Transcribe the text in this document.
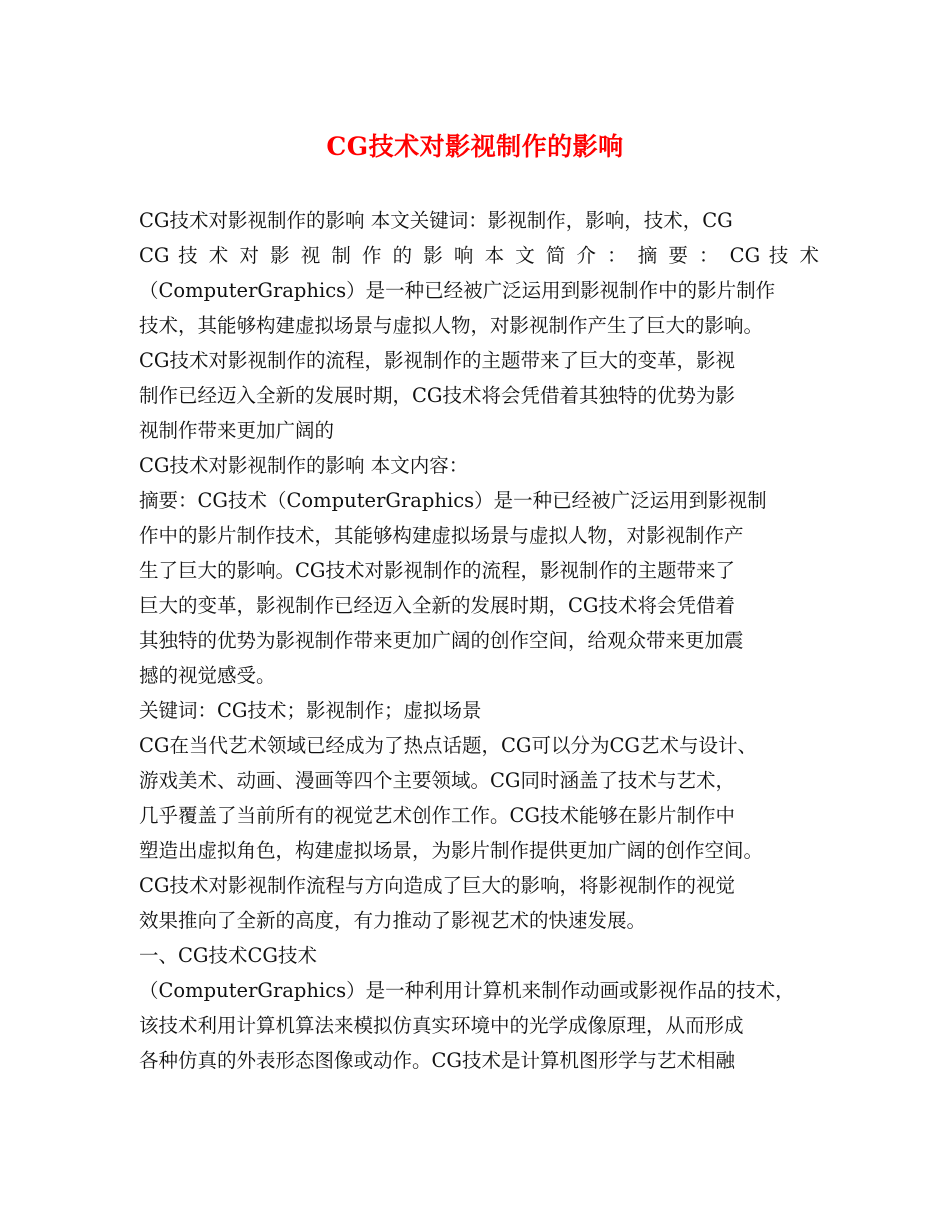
CG技术对影视制作的影响
CG技术对影视制作的影响 本文关键词：影视制作，影响，技术，CG
CG 技 术 对 影 视 制 作 的 影 响 本 文 简 介 ： 摘 要 ： CG 技 术
（ComputerGraphics）是一种已经被广泛运用到影视制作中的影片制作
技术，其能够构建虚拟场景与虚拟人物，对影视制作产生了巨大的影响。
CG技术对影视制作的流程，影视制作的主题带来了巨大的变革，影视
制作已经迈入全新的发展时期，CG技术将会凭借着其独特的优势为影
视制作带来更加广阔的
CG技术对影视制作的影响 本文内容：
摘要：CG技术（ComputerGraphics）是一种已经被广泛运用到影视制
作中的影片制作技术，其能够构建虚拟场景与虚拟人物，对影视制作产
生了巨大的影响。CG技术对影视制作的流程，影视制作的主题带来了
巨大的变革，影视制作已经迈入全新的发展时期，CG技术将会凭借着
其独特的优势为影视制作带来更加广阔的创作空间，给观众带来更加震
撼的视觉感受。
关键词：CG技术；影视制作；虚拟场景
CG在当代艺术领域已经成为了热点话题，CG可以分为CG艺术与设计、
游戏美术、动画、漫画等四个主要领域。CG同时涵盖了技术与艺术，
几乎覆盖了当前所有的视觉艺术创作工作。CG技术能够在影片制作中
塑造出虚拟角色，构建虚拟场景，为影片制作提供更加广阔的创作空间。
CG技术对影视制作流程与方向造成了巨大的影响，将影视制作的视觉
效果推向了全新的高度，有力推动了影视艺术的快速发展。
一、CG技术CG技术
（ComputerGraphics）是一种利用计算机来制作动画或影视作品的技术，
该技术利用计算机算法来模拟仿真实环境中的光学成像原理，从而形成
各种仿真的外表形态图像或动作。CG技术是计算机图形学与艺术相融
